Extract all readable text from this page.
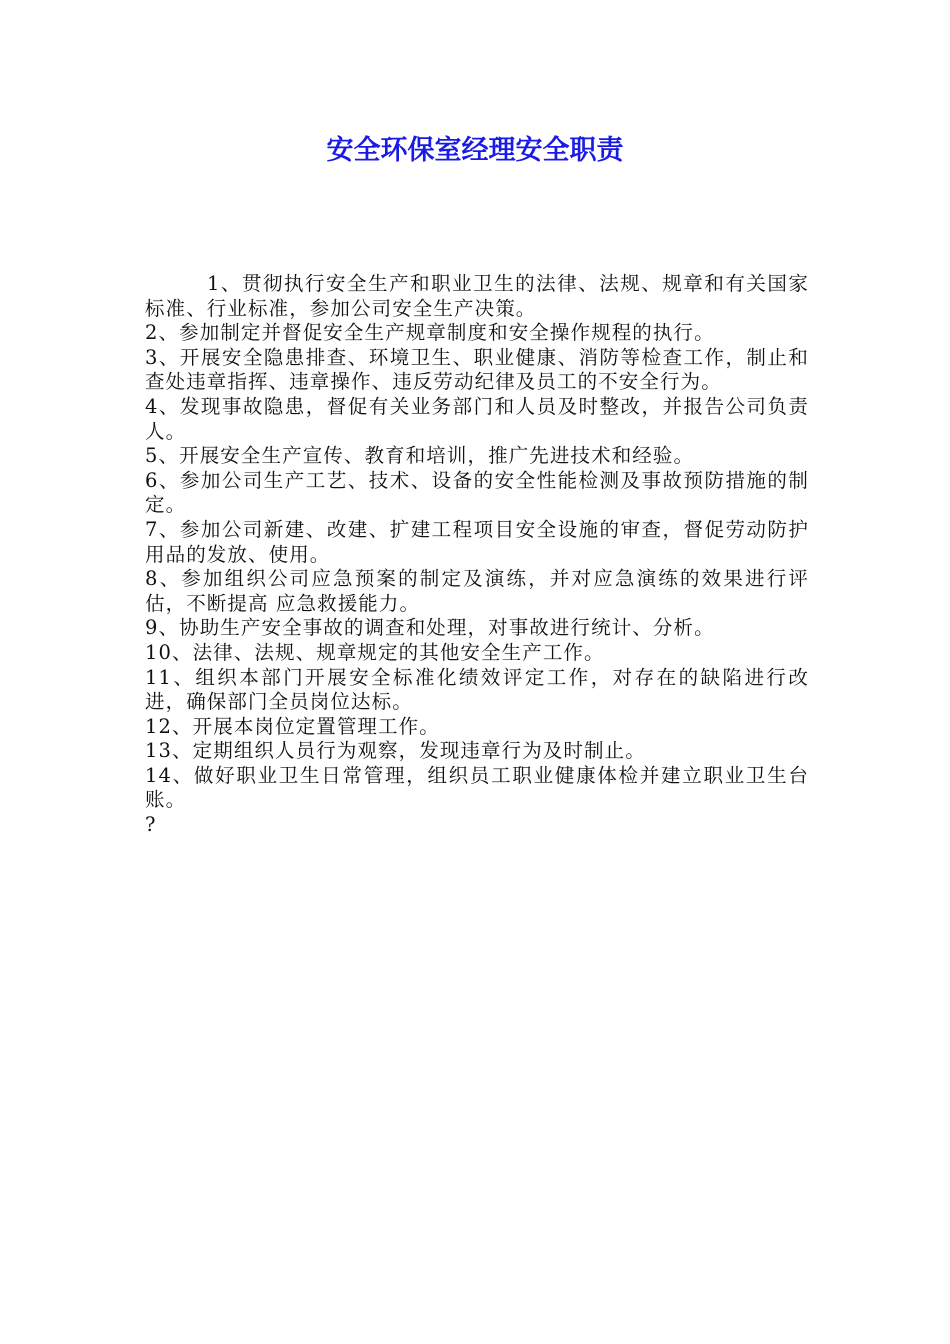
安全环保室经理安全职责

1、贯彻执行安全生产和职业卫生的法律、法规、规章和有关国家标准、行业标准，参加公司安全生产决策。

2、参加制定并督促安全生产规章制度和安全操作规程的执行。

3、开展安全隐患排查、环境卫生、职业健康、消防等检查工作，制止和查处违章指挥、违章操作、违反劳动纪律及员工的不安全行为。

4、发现事故隐患，督促有关业务部门和人员及时整改，并报告公司负责人。

5、开展安全生产宣传、教育和培训，推广先进技术和经验。

6、参加公司生产工艺、技术、设备的安全性能检测及事故预防措施的制定。

7、参加公司新建、改建、扩建工程项目安全设施的审查，督促劳动防护用品的发放、使用。

8、参加组织公司应急预案的制定及演练，并对应急演练的效果进行评估，不断提高 应急救援能力。

9、协助生产安全事故的调查和处理，对事故进行统计、分析。

10、法律、法规、规章规定的其他安全生产工作。

11、组织本部门开展安全标准化绩效评定工作，对存在的缺陷进行改进，确保部门全员岗位达标。

12、开展本岗位定置管理工作。

13、定期组织人员行为观察，发现违章行为及时制止。

14、做好职业卫生日常管理，组织员工职业健康体检并建立职业卫生台账。

?
